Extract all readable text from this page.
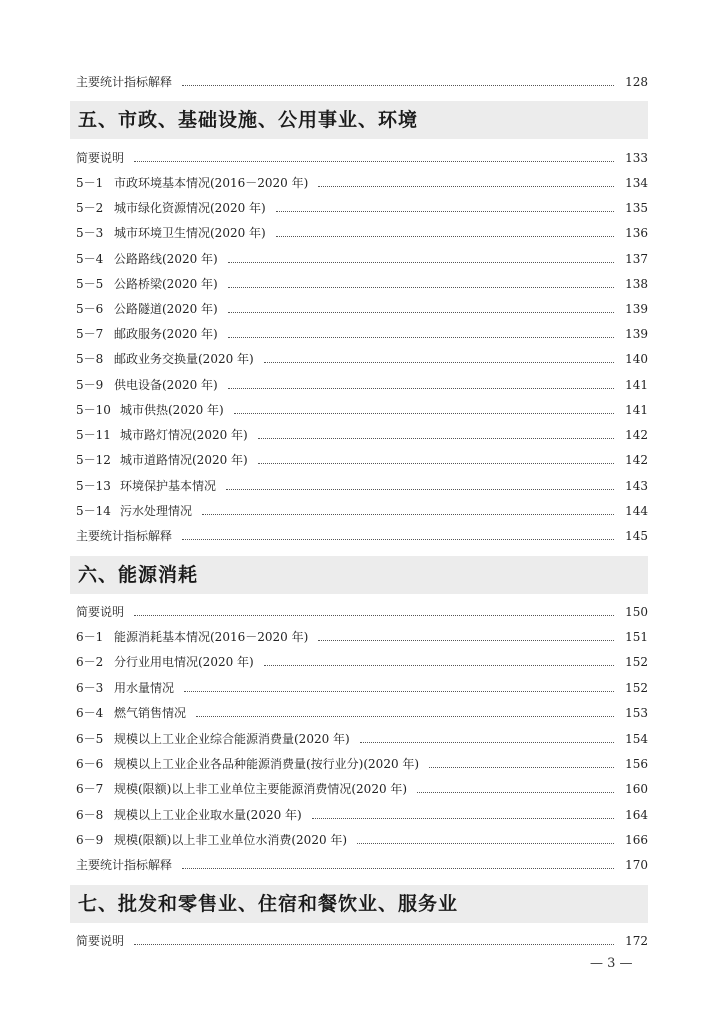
主要统计指标解释	128
简要说明	133
5－1 市政环境基本情况(2016－2020 年)	134
5－2 城市绿化资源情况(2020 年)	135
5－3 城市环境卫生情况(2020 年)	136
5－4 公路路线(2020 年)	137
5－5 公路桥梁(2020 年)	138
5－6 公路隧道(2020 年)	139
5－7 邮政服务(2020 年)	139
5－8 邮政业务交换量(2020 年)	140
5－9 供电设备(2020 年)	141
5－10 城市供热(2020 年)	141
5－11 城市路灯情况(2020 年)	142
5－12 城市道路情况(2020 年)	142
5－13 环境保护基本情况	143
5－14 污水处理情况	144
主要统计指标解释	145
简要说明	150
6－1 能源消耗基本情况(2016－2020 年)	151
6－2 分行业用电情况(2020 年)	152
6－3 用水量情况	152
6－4 燃气销售情况	153
6－5 规模以上工业企业综合能源消费量(2020 年)	154
6－6 规模以上工业企业各品种能源消费量(按行业分)(2020 年)	156
6－7 规模(限额)以上非工业单位主要能源消费情况(2020 年)	160
6－8 规模以上工业企业取水量(2020 年)	164
6－9 规模(限额)以上非工业单位水消费(2020 年)	166
主要统计指标解释	170
简要说明	172
五、市政、基础设施、公用事业、环境
六、能源消耗
七、批发和零售业、住宿和餐饮业、服务业
— 3 —
